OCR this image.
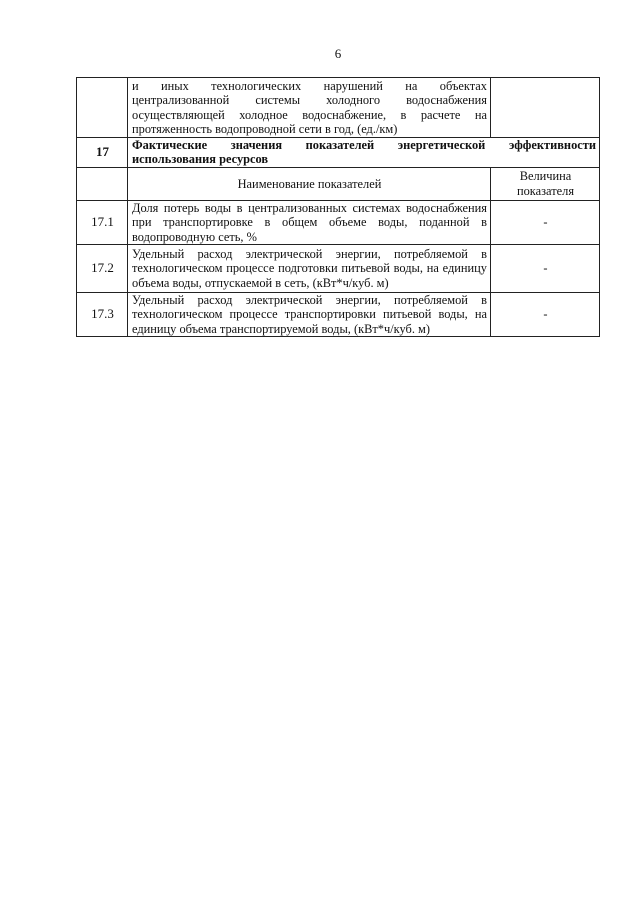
6
	и иных технологических нарушений на объектах централизованной системы холодного водоснабжения осуществляющей холодное водоснабжение, в расчете на протяженность водопроводной сети в год, (ед./км)	
17	Фактические значения показателей энергетической эффективности использования ресурсов	
	Наименование показателей	Величина показателя
17.1	Доля потерь воды в централизованных системах водоснабжения при транспортировке в общем объеме воды, поданной в водопроводную сеть, %	-
17.2	Удельный расход электрической энергии, потребляемой в технологическом процессе подготовки питьевой воды, на единицу объема воды, отпускаемой в сеть, (кВт*ч/куб. м)	-
17.3	Удельный расход электрической энергии, потребляемой в технологическом процессе транспортировки питьевой воды, на единицу объема транспортируемой воды, (кВт*ч/куб. м)	-
